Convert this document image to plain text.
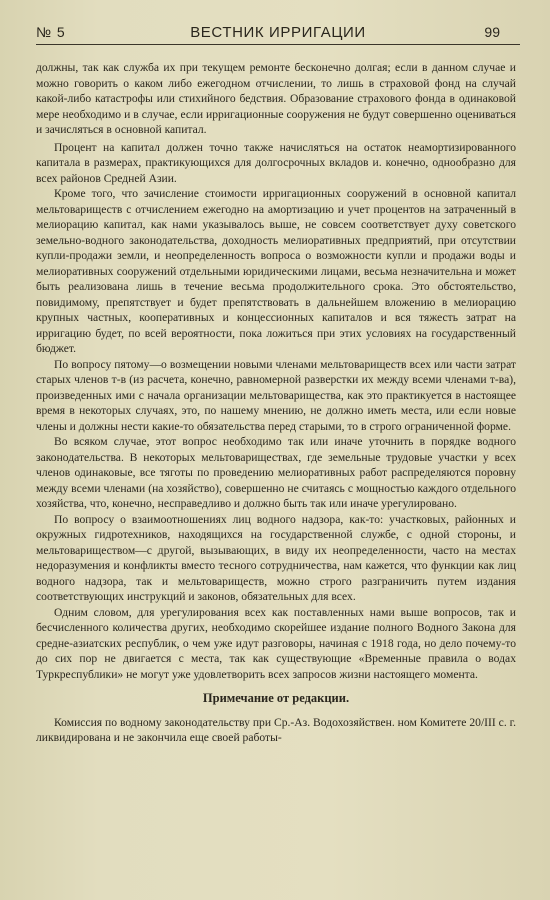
№ 5	ВЕСТНИК ИРРИГАЦИИ	99

должны, так как служба их при текущем ремонте бесконечно долгая; если в данном случае и можно говорить о каком либо ежегодном отчислении, то лишь в страховой фонд на случай какой-либо катастрофы или стихийного бедствия. Образование страхового фонда в одинаковой мере необходимо и в случае, если ирригационные сооружения не будут совершенно оцениваться и зачисляться в основной капитал.

Процент на капитал должен точно также начисляться на остаток неамортизированного капитала в размерах, практикующихся для долгосрочных вкладов и. конечно, однообразно для всех районов Средней Азии.

Кроме того, что зачисление стоимости ирригационных сооружений в основной капитал мельтовариществ с отчислением ежегодно на амортизацию и учет процентов на затраченный в мелиорацию капитал, как нами указывалось выше, не совсем соответствует духу советского земельно-водного законодательства, доходность мелиоративных предприятий, при отсутствии купли-продажи земли, и неопределенность вопроса о возможности купли и продажи воды и мелиоративных сооружений отдельными юридическими лицами, весьма незначительна и может быть реализована лишь в течение весьма продолжительного срока. Это обстоятельство, повидимому, препятствует и будет препятствовать в дальнейшем вложению в мелиорацию крупных частных, кооперативных и концессионных капиталов и вся тяжесть затрат на ирригацию будет, по всей вероятности, пока ложиться при этих условиях на государственный бюджет.

По вопросу пятому—о возмещении новыми членами мельтовариществ всех или части затрат старых членов т-в (из расчета, конечно, равномерной разверстки их между всеми членами т-ва), произведенных ими с начала организации мельтоварищества, как это практикуется в настоящее время в некоторых случаях, это, по нашему мнению, не должно иметь места, или если новые члены и должны нести какие-то обязательства перед старыми, то в строго ограниченной форме.

Во всяком случае, этот вопрос необходимо так или иначе уточнить в порядке водного законодательства. В некоторых мельтовариществах, где земельные трудовые участки у всех членов одинаковые, все тяготы по проведению мелиоративных работ распределяются поровну между всеми членами (на хозяйство), совершенно не считаясь с мощностью каждого отдельного хозяйства, что, конечно, несправедливо и должно быть так или иначе урегулировано.

По вопросу о взаимоотношениях лиц водного надзора, как-то: участковых, районных и окружных гидротехников, находящихся на государственной службе, с одной стороны, и мельтовариществом—с другой, вызывающих, в виду их неопределенности, часто на местах недоразумения и конфликты вместо тесного сотрудничества, нам кажется, что функции как лиц водного надзора, так и мельтовариществ, можно строго разграничить путем издания соответствующих инструкций и законов, обязательных для всех.

Одним словом, для урегулирования всех как поставленных нами выше вопросов, так и бесчисленного количества других, необходимо скорейшее издание полного Водного Закона для средне-азиатских республик, о чем уже идут разговоры, начиная с 1918 года, но дело почему-то до сих пор не двигается с места, так как существующие «Временные правила о водах Туркреспублики» не могут уже удовлетворить всех запросов жизни настоящего момента.

Примечание от редакции.

Комиссия по водному законодательству при Ср.-Аз. Водохозяйствен. ном Комитете 20/III с. г. ликвидирована и не закончила еще своей работы-
